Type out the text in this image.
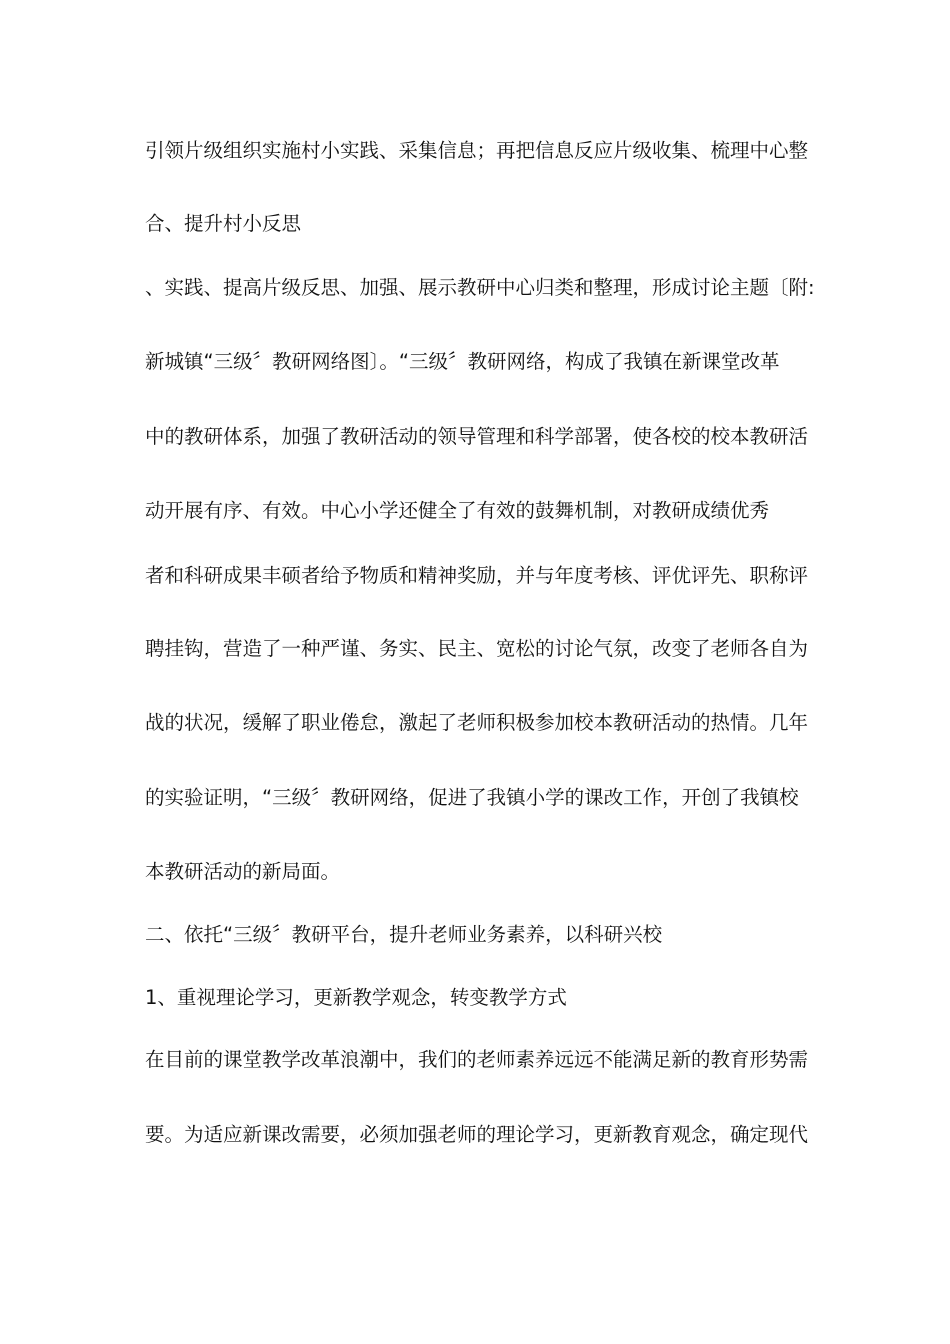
引领片级组织实施村小实践、采集信息；再把信息反应片级收集、梳理中心整
合、提升村小反思
、实践、提高片级反思、加强、展示教研中心归类和整理，形成讨论主题〔附:
新城镇“三级〞教研网络图〕。“三级〞教研网络，构成了我镇在新课堂改革
中的教研体系，加强了教研活动的领导管理和科学部署，使各校的校本教研活
动开展有序、有效。中心小学还健全了有效的鼓舞机制，对教研成绩优秀
者和科研成果丰硕者给予物质和精神奖励，并与年度考核、评优评先、职称评
聘挂钩，营造了一种严谨、务实、民主、宽松的讨论气氛，改变了老师各自为
战的状况，缓解了职业倦怠，激起了老师积极参加校本教研活动的热情。几年
的实验证明，“三级〞教研网络，促进了我镇小学的课改工作，开创了我镇校
本教研活动的新局面。
二、依托“三级〞教研平台，提升老师业务素养，以科研兴校
1、重视理论学习，更新教学观念，转变教学方式
在目前的课堂教学改革浪潮中，我们的老师素养远远不能满足新的教育形势需
要。为适应新课改需要，必须加强老师的理论学习，更新教育观念，确定现代
